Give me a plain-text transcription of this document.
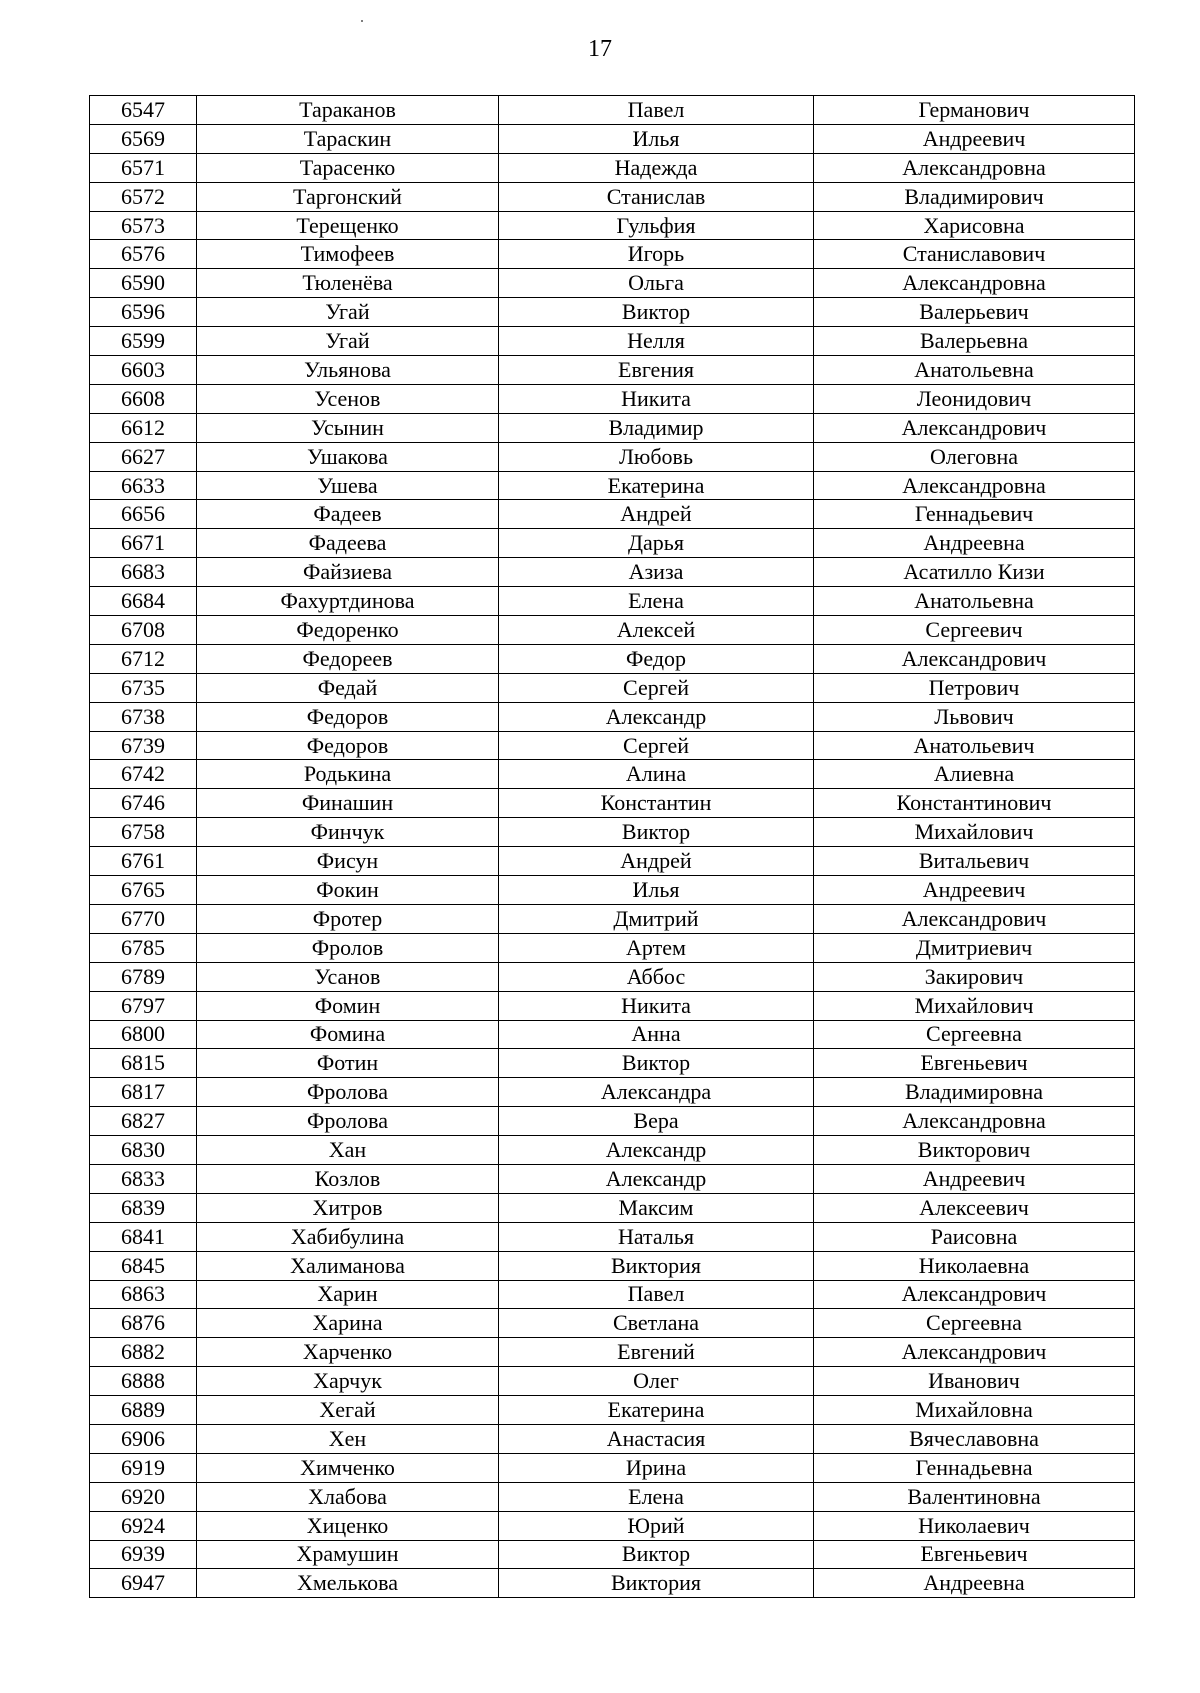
17
6547	Тараканов	Павел	Германович
6569	Тараскин	Илья	Андреевич
6571	Тарасенко	Надежда	Александровна
6572	Таргонский	Станислав	Владимирович
6573	Терещенко	Гульфия	Харисовна
6576	Тимофеев	Игорь	Станиславович
6590	Тюленёва	Ольга	Александровна
6596	Угай	Виктор	Валерьевич
6599	Угай	Нелля	Валерьевна
6603	Ульянова	Евгения	Анатольевна
6608	Усенов	Никита	Леонидович
6612	Усынин	Владимир	Александрович
6627	Ушакова	Любовь	Олеговна
6633	Ушева	Екатерина	Александровна
6656	Фадеев	Андрей	Геннадьевич
6671	Фадеева	Дарья	Андреевна
6683	Файзиева	Азиза	Асатилло Кизи
6684	Фахуртдинова	Елена	Анатольевна
6708	Федоренко	Алексей	Сергеевич
6712	Федореев	Федор	Александрович
6735	Федай	Сергей	Петрович
6738	Федоров	Александр	Львович
6739	Федоров	Сергей	Анатольевич
6742	Родькина	Алина	Алиевна
6746	Финашин	Константин	Константинович
6758	Финчук	Виктор	Михайлович
6761	Фисун	Андрей	Витальевич
6765	Фокин	Илья	Андреевич
6770	Фротер	Дмитрий	Александрович
6785	Фролов	Артем	Дмитриевич
6789	Усанов	Аббос	Закирович
6797	Фомин	Никита	Михайлович
6800	Фомина	Анна	Сергеевна
6815	Фотин	Виктор	Евгеньевич
6817	Фролова	Александра	Владимировна
6827	Фролова	Вера	Александровна
6830	Хан	Александр	Викторович
6833	Козлов	Александр	Андреевич
6839	Хитров	Максим	Алексеевич
6841	Хабибулина	Наталья	Раисовна
6845	Халиманова	Виктория	Николаевна
6863	Харин	Павел	Александрович
6876	Харина	Светлана	Сергеевна
6882	Харченко	Евгений	Александрович
6888	Харчук	Олег	Иванович
6889	Хегай	Екатерина	Михайловна
6906	Хен	Анастасия	Вячеславовна
6919	Химченко	Ирина	Геннадьевна
6920	Хлабова	Елена	Валентиновна
6924	Хиценко	Юрий	Николаевич
6939	Храмушин	Виктор	Евгеньевич
6947	Хмелькова	Виктория	Андреевна
